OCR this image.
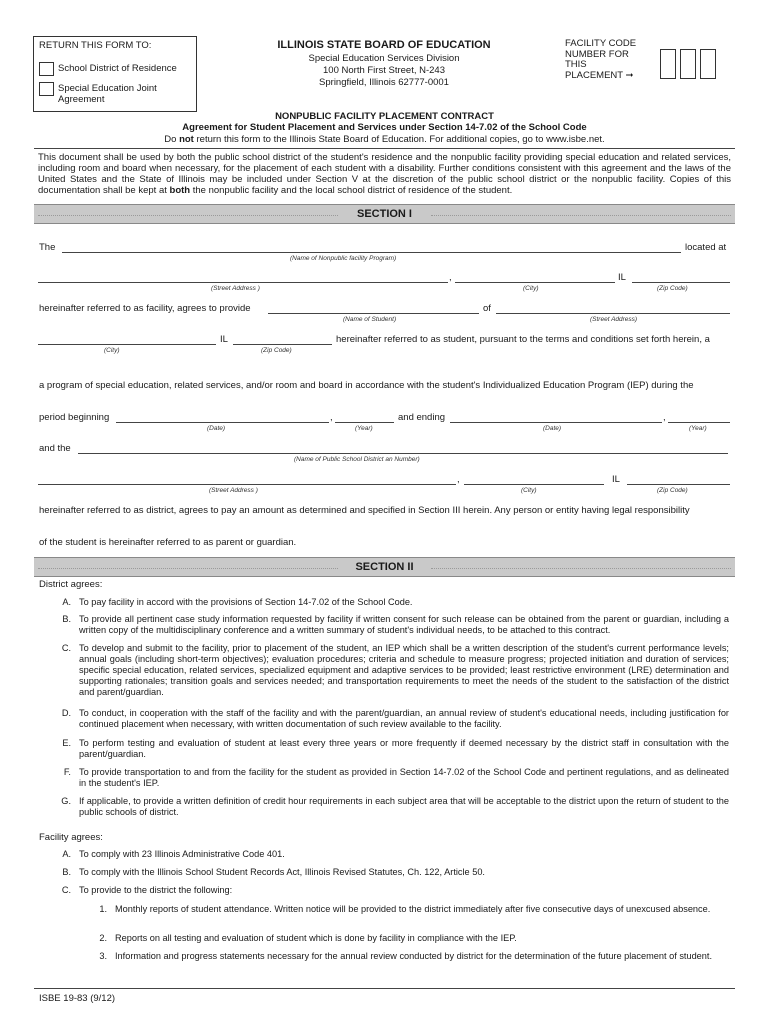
RETURN THIS FORM TO:
School District of Residence
Special Education Joint
Agreement
ILLINOIS STATE BOARD OF EDUCATION
Special Education Services Division
100 North First Street, N-243
Springfield, Illinois 62777-0001
FACILITY CODE
NUMBER FOR
THIS
PLACEMENT ➞
NONPUBLIC FACILITY PLACEMENT CONTRACT
Agreement for Student Placement and Services under Section 14-7.02 of the School Code
Do not return this form to the Illinois State Board of Education. For additional copies, go to www.isbe.net.
This document shall be used by both the public school district of the student's residence and the nonpublic facility providing special education and related services, including room and board when necessary, for the placement of each student with a disability. Further conditions consistent with this agreement and the laws of the United States and the State of Illinois may be included under Section V at the discretion of the public school district or the nonpublic facility. Copies of this documentation shall be kept at both the nonpublic facility and the local school district of residence of the student.
SECTION I
The	located at
(Name of Nonpublic facility Program)
,	IL
(Street Address )	(City)	(Zip Code)
hereinafter referred to as facility, agrees to provide	of
(Name of Student)	(Street Address)
IL	hereinafter referred to as student, pursuant to the terms and conditions set forth herein, a
(City)	(Zip Code)
a program of special education, related services, and/or room and board in accordance with the student's Individualized Education Program (IEP) during the
period beginning	,	and ending	,
(Date)	(Year)	(Date)	(Year)
and the
(Name of Public School District an Number)
,	IL
(Street Address )	(City)	(Zip Code)
hereinafter referred to as district, agrees to pay an amount as determined and specified in Section III herein. Any person or entity having legal responsibility
of the student is hereinafter referred to as parent or guardian.
SECTION II
District agrees:
A. To pay facility in accord with the provisions of Section 14-7.02 of the School Code.
B. To provide all pertinent case study information requested by facility if written consent for such release can be obtained from the parent or guardian, including a written copy of the multidisciplinary conference and a written summary of student's individual needs, to be attached to this contract.
C. To develop and submit to the facility, prior to placement of the student, an IEP which shall be a written description of the student's current performance levels; annual goals (including short-term objectives); evaluation procedures; criteria and schedule to measure progress; projected initiation and duration of services; specific special education, related services, specialized equipment and adaptive services to be provided; least restrictive environment (LRE) determination and supporting rationales; transition goals and services needed; and transportation requirements to meet the needs of the student to the satisfaction of the district and parent/guardian.
D. To conduct, in cooperation with the staff of the facility and with the parent/guardian, an annual review of student's educational needs, including justification for continued placement when necessary, with written documentation of such review available to the facility.
E. To perform testing and evaluation of student at least every three years or more frequently if deemed necessary by the district staff in consultation with the parent/guardian.
F. To provide transportation to and from the facility for the student as provided in Section 14-7.02 of the School Code and pertinent regulations, and as delineated in the student's IEP.
G. If applicable, to provide a written definition of credit hour requirements in each subject area that will be acceptable to the district upon the return of student to the public schools of district.
Facility agrees:
A. To comply with 23 Illinois Administrative Code 401.
B. To comply with the Illinois School Student Records Act, Illinois Revised Statutes, Ch. 122, Article 50.
C. To provide to the district the following:
1. Monthly reports of student attendance. Written notice will be provided to the district immediately after five consecutive days of unexcused absence.
2. Reports on all testing and evaluation of student which is done by facility in compliance with the IEP.
3. Information and progress statements necessary for the annual review conducted by district for the determination of the future placement of student.
ISBE 19-83 (9/12)
